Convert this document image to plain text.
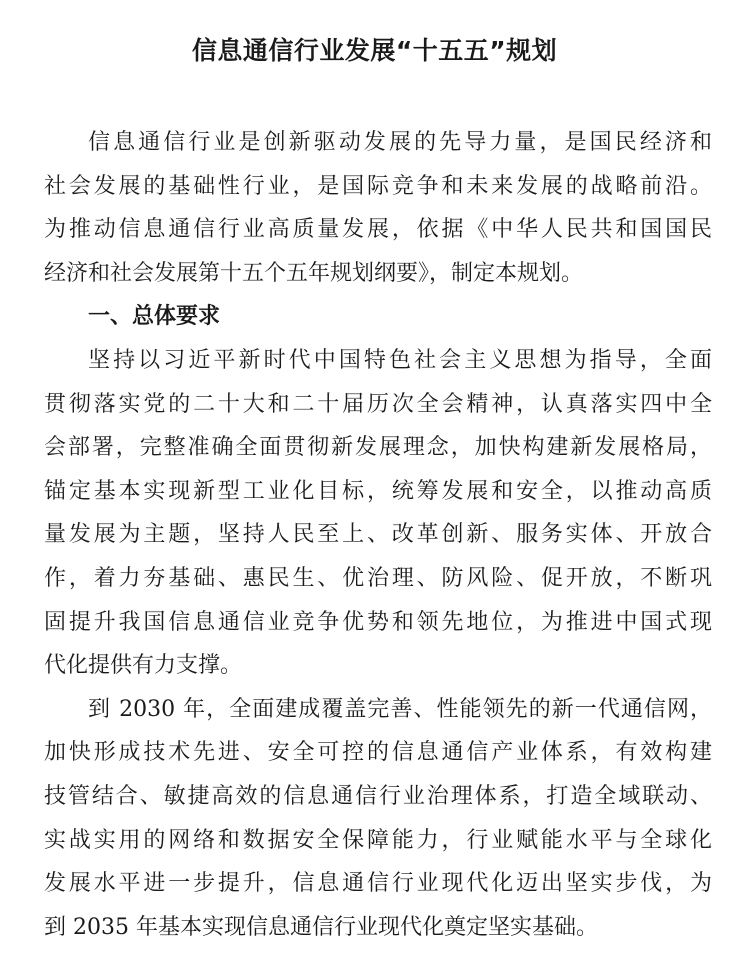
信息通信行业发展“十五五”规划
信息通信行业是创新驱动发展的先导力量，是国民经济和
社会发展的基础性行业，是国际竞争和未来发展的战略前沿。
为推动信息通信行业高质量发展，依据《中华人民共和国国民
经济和社会发展第十五个五年规划纲要》，制定本规划。
一、总体要求
坚持以习近平新时代中国特色社会主义思想为指导，全面
贯彻落实党的二十大和二十届历次全会精神，认真落实四中全
会部署，完整准确全面贯彻新发展理念，加快构建新发展格局，
锚定基本实现新型工业化目标，统筹发展和安全，以推动高质
量发展为主题，坚持人民至上、改革创新、服务实体、开放合
作，着力夯基础、惠民生、优治理、防风险、促开放，不断巩
固提升我国信息通信业竞争优势和领先地位，为推进中国式现
代化提供有力支撑。
到 2030 年，全面建成覆盖完善、性能领先的新一代通信网，
加快形成技术先进、安全可控的信息通信产业体系，有效构建
技管结合、敏捷高效的信息通信行业治理体系，打造全域联动、
实战实用的网络和数据安全保障能力，行业赋能水平与全球化
发展水平进一步提升，信息通信行业现代化迈出坚实步伐，为
到 2035 年基本实现信息通信行业现代化奠定坚实基础。
